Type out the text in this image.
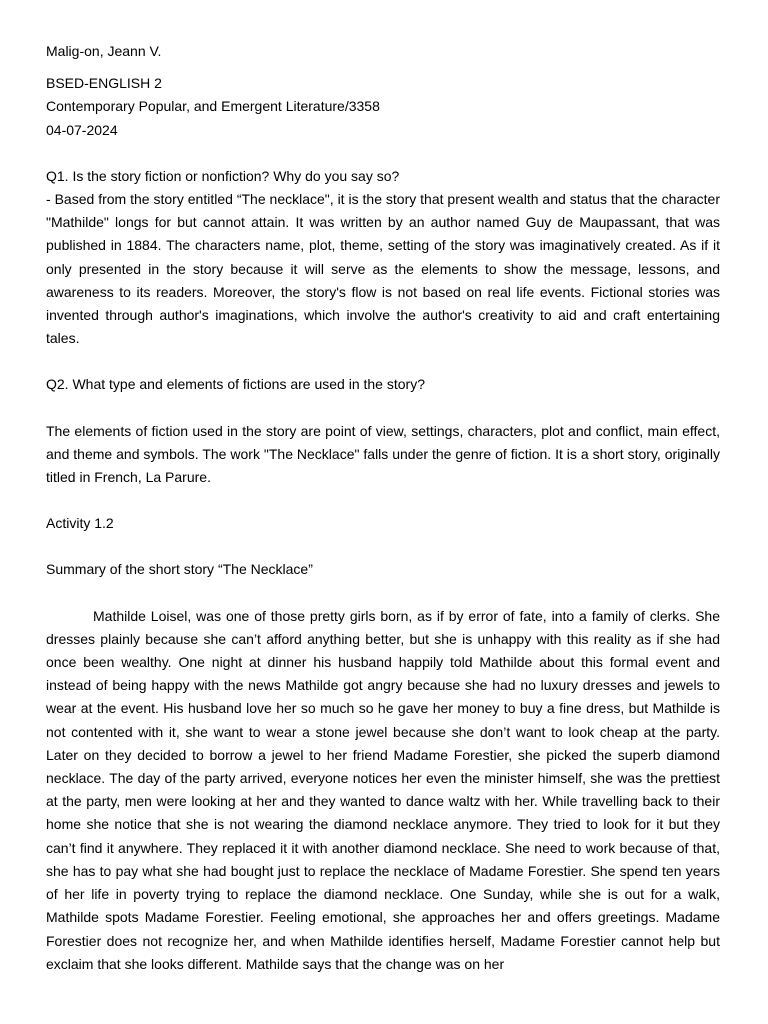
Malig-on, Jeann V.
BSED-ENGLISH 2
Contemporary Popular, and Emergent Literature/3358
04-07-2024
Q1. Is the story fiction or nonfiction? Why do you say so?

- Based from the story entitled “The necklace", it is the story that present wealth and status that the character "Mathilde" longs for but cannot attain. It was written by an author named Guy de Maupassant, that was published in 1884. The characters name, plot, theme, setting of the story was imaginatively created. As if it only presented in the story because it will serve as the elements to show the message, lessons, and awareness to its readers. Moreover, the story's flow is not based on real life events. Fictional stories was invented through author's imaginations, which involve the author's creativity to aid and craft entertaining tales.

Q2. What type and elements of fictions are used in the story?

The elements of fiction used in the story are point of view, settings, characters, plot and conflict, main effect, and theme and symbols. The work "The Necklace" falls under the genre of fiction. It is a short story, originally titled in French, La Parure.

Activity 1.2
Summary of the short story “The Necklace”

Mathilde Loisel, was one of those pretty girls born, as if by error of fate, into a family of clerks. She dresses plainly because she can’t afford anything better, but she is unhappy with this reality as if she had once been wealthy. One night at dinner his husband happily told Mathilde about this formal event and instead of being happy with the news Mathilde got angry because she had no luxury dresses and jewels to wear at the event. His husband love her so much so he gave her money to buy a fine dress, but Mathilde is not contented with it, she want to wear a stone jewel because she don’t want to look cheap at the party. Later on they decided to borrow a jewel to her friend Madame Forestier, she picked the superb diamond necklace. The day of the party arrived, everyone notices her even the minister himself, she was the prettiest at the party, men were looking at her and they wanted to dance waltz with her. While travelling back to their home she notice that she is not wearing the diamond necklace anymore. They tried to look for it but they can’t find it anywhere. They replaced it it with another diamond necklace. She need to work because of that, she has to pay what she had bought just to replace the necklace of Madame Forestier. She spend ten years of her life in poverty trying to replace the diamond necklace. One Sunday, while she is out for a walk, Mathilde spots Madame Forestier. Feeling emotional, she approaches her and offers greetings. Madame Forestier does not recognize her, and when Mathilde identifies herself, Madame Forestier cannot help but exclaim that she looks different. Mathilde says that the change was on her
